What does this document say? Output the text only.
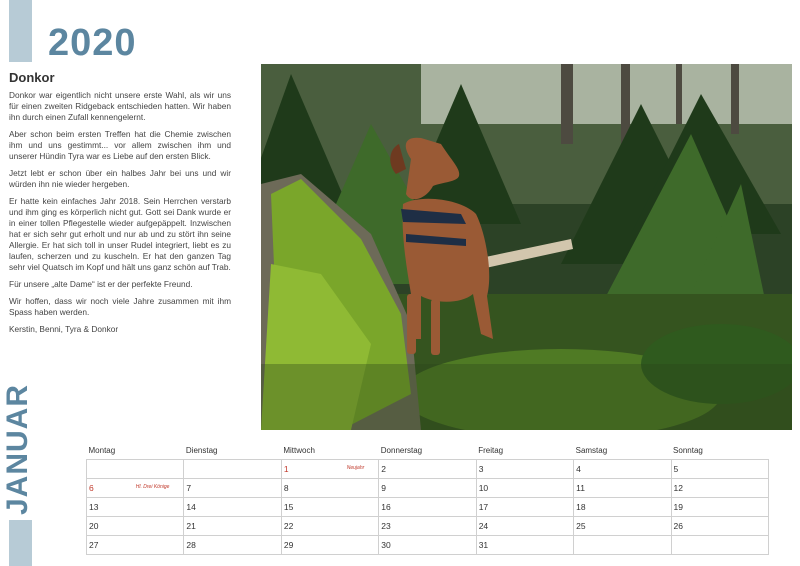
2020
JANUAR
Donkor

Donkor war eigentlich nicht unsere erste Wahl, als wir uns für einen zweiten Ridgeback entschieden hatten. Wir haben ihn durch einen Zufall kennengelernt.

Aber schon beim ersten Treffen hat die Chemie zwischen ihm und uns gestimmt... vor allem zwischen ihm und unserer Hündin Tyra war es Liebe auf den ersten Blick.

Jetzt lebt er schon über ein halbes Jahr bei uns und wir würden ihn nie wieder hergeben.

Er hatte kein einfaches Jahr 2018. Sein Herrchen verstarb und ihm ging es körperlich nicht gut. Gott sei Dank wurde er in einer tollen Pflegestelle wieder aufgepäppelt. Inzwischen hat er sich sehr gut erholt und nur ab und zu stört ihn seine Allergie. Er hat sich toll in unser Rudel integriert, liebt es zu laufen, scherzen und zu kuscheln. Er hat den ganzen Tag sehr viel Quatsch im Kopf und hält uns ganz schön auf Trab.

Für unsere „alte Dame“ ist er der perfekte Freund.

Wir hoffen, dass wir noch viele Jahre zusammen mit ihm Spass haben werden.

Kerstin, Benni, Tyra & Donkor

Montag	Dienstag	Mittwoch	Donnerstag	Freitag	Samstag	Sonntag
		1 Neujahr	2	3	4	5
6 Hl. Drei Könige	7	8	9	10	11	12
13	14	15	16	17	18	19
20	21	22	23	24	25	26
27	28	29	30	31		
